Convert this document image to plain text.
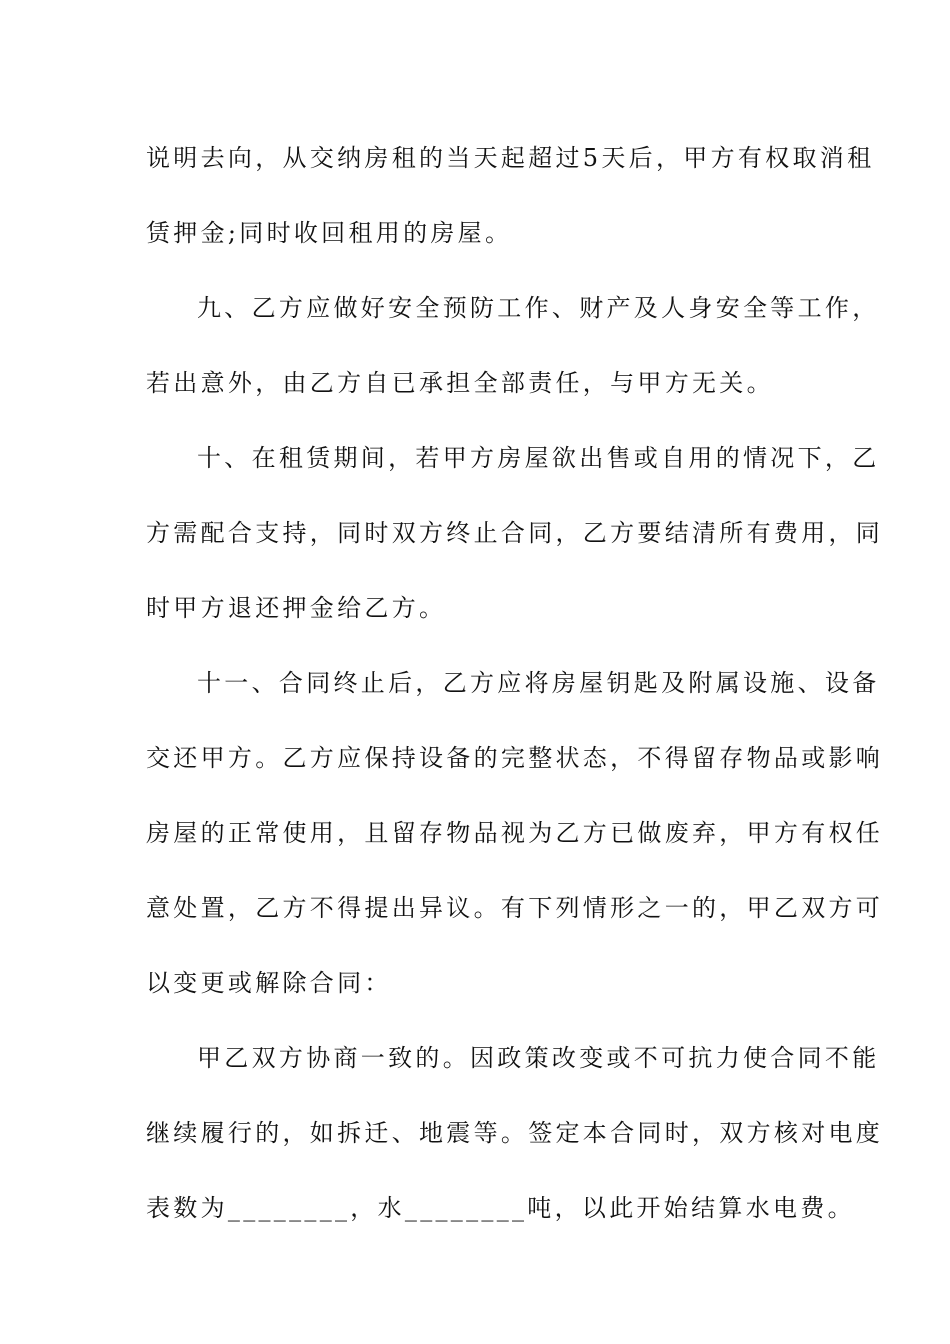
说明去向，从交纳房租的当天起超过5天后，甲方有权取消租
赁押金;同时收回租用的房屋。
九、乙方应做好安全预防工作、财产及人身安全等工作，
若出意外，由乙方自已承担全部责任，与甲方无关。
十、在租赁期间，若甲方房屋欲出售或自用的情况下，乙
方需配合支持，同时双方终止合同，乙方要结清所有费用，同
时甲方退还押金给乙方。
十一、合同终止后，乙方应将房屋钥匙及附属设施、设备
交还甲方。乙方应保持设备的完整状态，不得留存物品或影响
房屋的正常使用，且留存物品视为乙方已做废弃，甲方有权任
意处置，乙方不得提出异议。有下列情形之一的，甲乙双方可
以变更或解除合同：
甲乙双方协商一致的。因政策改变或不可抗力使合同不能
继续履行的，如拆迁、地震等。签定本合同时，双方核对电度
表数为________，水________吨，以此开始结算水电费。
